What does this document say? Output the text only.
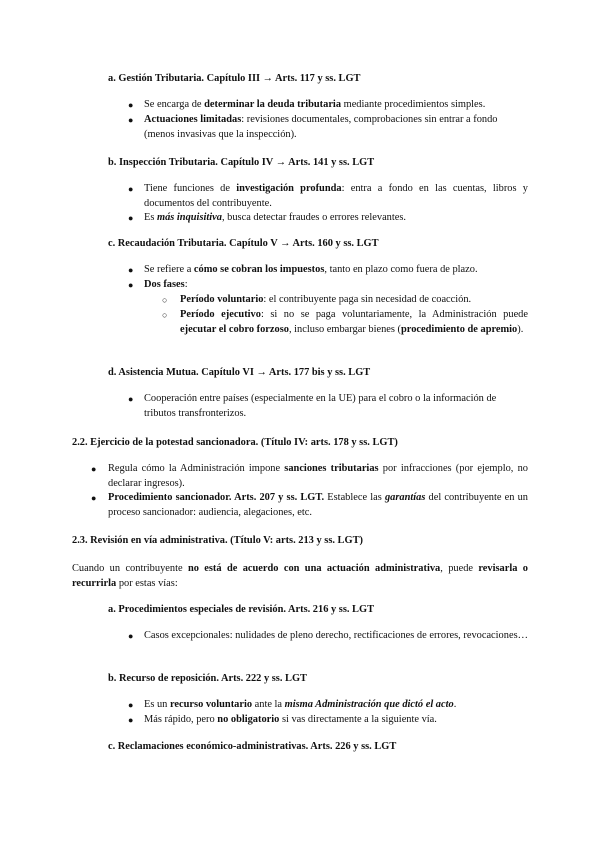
a. Gestión Tributaria. Capítulo III → Arts. 117 y ss. LGT
● Se encarga de determinar la deuda tributaria mediante procedimientos simples.
● Actuaciones limitadas: revisiones documentales, comprobaciones sin entrar a fondo (menos invasivas que la inspección).
b. Inspección Tributaria. Capítulo IV → Arts. 141 y ss. LGT
● Tiene funciones de investigación profunda: entra a fondo en las cuentas, libros y documentos del contribuyente.
● Es más inquisitiva, busca detectar fraudes o errores relevantes.
c. Recaudación Tributaria. Capítulo V → Arts. 160 y ss. LGT
● Se refiere a cómo se cobran los impuestos, tanto en plazo como fuera de plazo.
● Dos fases:
○ Período voluntario: el contribuyente paga sin necesidad de coacción.
○ Período ejecutivo: si no se paga voluntariamente, la Administración puede ejecutar el cobro forzoso, incluso embargar bienes (procedimiento de apremio).
d. Asistencia Mutua. Capítulo VI → Arts. 177 bis y ss. LGT
● Cooperación entre países (especialmente en la UE) para el cobro o la información de tributos transfronterizos.
2.2. Ejercicio de la potestad sancionadora. (Título IV: arts. 178 y ss. LGT)
● Regula cómo la Administración impone sanciones tributarias por infracciones (por ejemplo, no declarar ingresos).
● Procedimiento sancionador. Arts. 207 y ss. LGT. Establece las garantías del contribuyente en un proceso sancionador: audiencia, alegaciones, etc.
2.3. Revisión en vía administrativa. (Título V: arts. 213 y ss. LGT)
Cuando un contribuyente no está de acuerdo con una actuación administrativa, puede revisarla o recurrirla por estas vías:
a. Procedimientos especiales de revisión. Arts. 216 y ss. LGT
● Casos excepcionales: nulidades de pleno derecho, rectificaciones de errores, revocaciones…
b. Recurso de reposición. Arts. 222 y ss. LGT
● Es un recurso voluntario ante la misma Administración que dictó el acto.
● Más rápido, pero no obligatorio si vas directamente a la siguiente vía.
c. Reclamaciones económico-administrativas. Arts. 226 y ss. LGT
